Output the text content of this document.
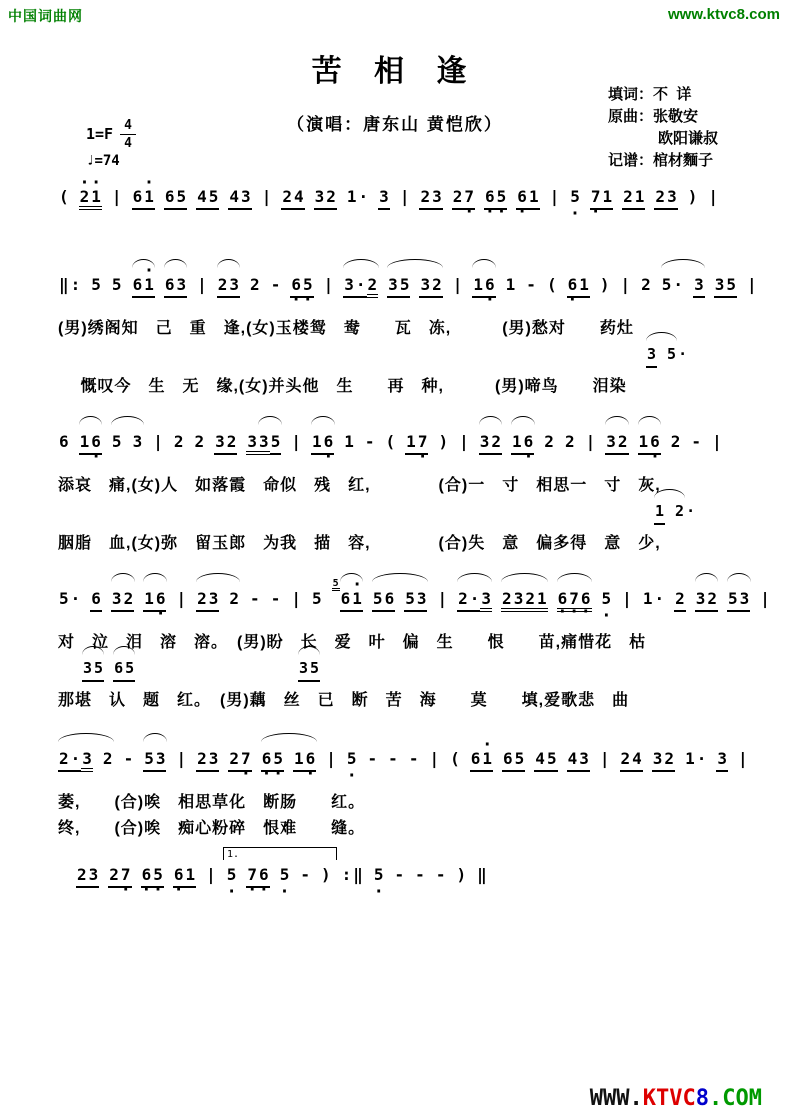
中国词曲网	www.ktvc8.com
苦 相 逢
（演唱：唐东山 黄恺欣）
填词：不  详
原曲：张敬安
欧阳谦叔
记谱：棺材麵子
$1=F \frac{4}{4}$
♩=74
( · 2 · 1 | 6 · 1 6 5 4 5 4 3 | 2 4 3 2 1 · 3 | 2 3 2 7 · 6 · 5 · 6 · 1 | 5 · 7 · 1 2 1 2 3 ) |
‖ : 5 5 6 · 1 6 3 | 2 3 2 - 6 · 5 · | 3 · 2 3 5 3 2 | 1 6 · 1 - ( 6 · 1 ) | 2 5 · 3 3 5 |
(男)绣阁知　己　重　逢,(女)玉楼鸳　鸯　　瓦　冻,　　　(男)愁对　　药灶
3 5 ·
　 慨叹今　生　无　缘,(女)并头他　生　　再　种,　　　(男)啼鸟　　泪染
6 1 6 · 5 3 | 2 2 3 2 3 3 5 | 1 6 · 1 - ( 1 7 · ) | 3 2 1 6 · 2 2 | 3 2 1 6 · 2 - |
添哀　痛,(女)人　如落霞　命似　残　红,　　　　(合)一　寸　相思一　寸　灰,
1 2 ·
胭脂　血,(女)弥　留玉郎　为我　描　容,　　　　(合)失　意　偏多得　意　少,
5 · 6 3 2 1 6 · | 2 3 2 - - | 556 · 1 5 6 5 3 | 2 · 3 2 3 2 1 6 · 7 · 6 · 5 · | 1 · 2 3 2 5 3 |
对　泣　泪　溶　溶。　(男)盼　长　爱　叶　偏　生　　恨　　苗,痛惜花　枯
3 5 6 5	3 5
那堪　认　题　红。　(男)藕　丝　已　断　苦　海　　莫　　填,爱歌悲　曲
2 · 3 2 - 5 3 | 2 3 2 7 · 6 · 5 · 1 6 · | 5 · - - - | ( 6 · 1 6 5 4 5 4 3 | 2 4 3 2 1 · 3 |
萎,　　(合)唉　相思草化　断肠　　红。
终,　　(合)唉　痴心粉碎　恨难　　缝。
2 3 2 7 · 6 · 5 · 6 · 1 | 5 · 7 · 6 · 5 · - ) : ‖ 5 · - - - ) ‖
1.
WWW.KTVC8.COM
